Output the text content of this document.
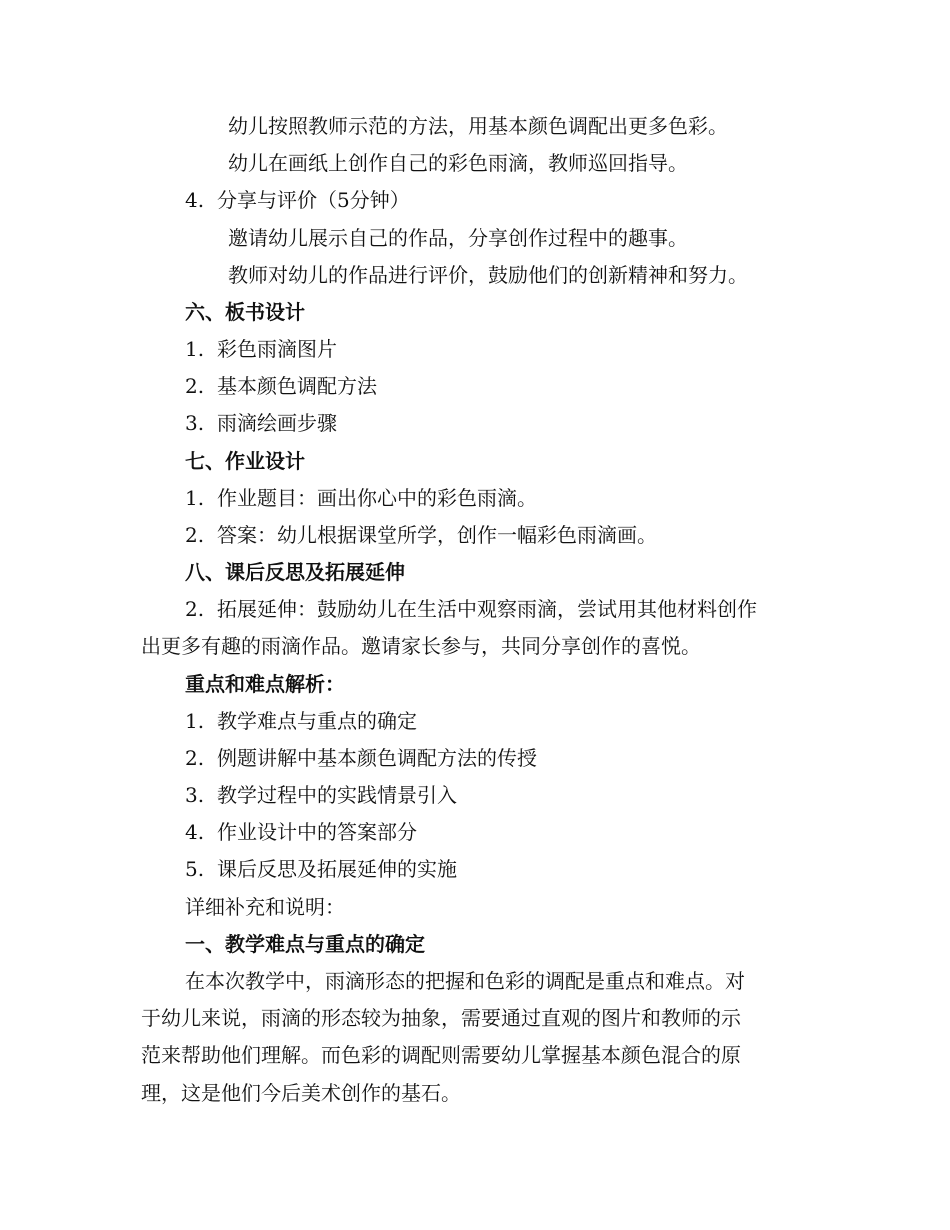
幼儿按照教师示范的方法，用基本颜色调配出更多色彩。
幼儿在画纸上创作自己的彩色雨滴，教师巡回指导。
4. 分享与评价（5分钟）
邀请幼儿展示自己的作品，分享创作过程中的趣事。
教师对幼儿的作品进行评价，鼓励他们的创新精神和努力。
六、板书设计
1. 彩色雨滴图片
2. 基本颜色调配方法
3. 雨滴绘画步骤
七、作业设计
1. 作业题目：画出你心中的彩色雨滴。
2. 答案：幼儿根据课堂所学，创作一幅彩色雨滴画。
八、课后反思及拓展延伸
2. 拓展延伸：鼓励幼儿在生活中观察雨滴，尝试用其他材料创作
出更多有趣的雨滴作品。邀请家长参与，共同分享创作的喜悦。
重点和难点解析：
1. 教学难点与重点的确定
2. 例题讲解中基本颜色调配方法的传授
3. 教学过程中的实践情景引入
4. 作业设计中的答案部分
5. 课后反思及拓展延伸的实施
详细补充和说明：
一、教学难点与重点的确定
在本次教学中，雨滴形态的把握和色彩的调配是重点和难点。对
于幼儿来说，雨滴的形态较为抽象，需要通过直观的图片和教师的示
范来帮助他们理解。而色彩的调配则需要幼儿掌握基本颜色混合的原
理，这是他们今后美术创作的基石。
